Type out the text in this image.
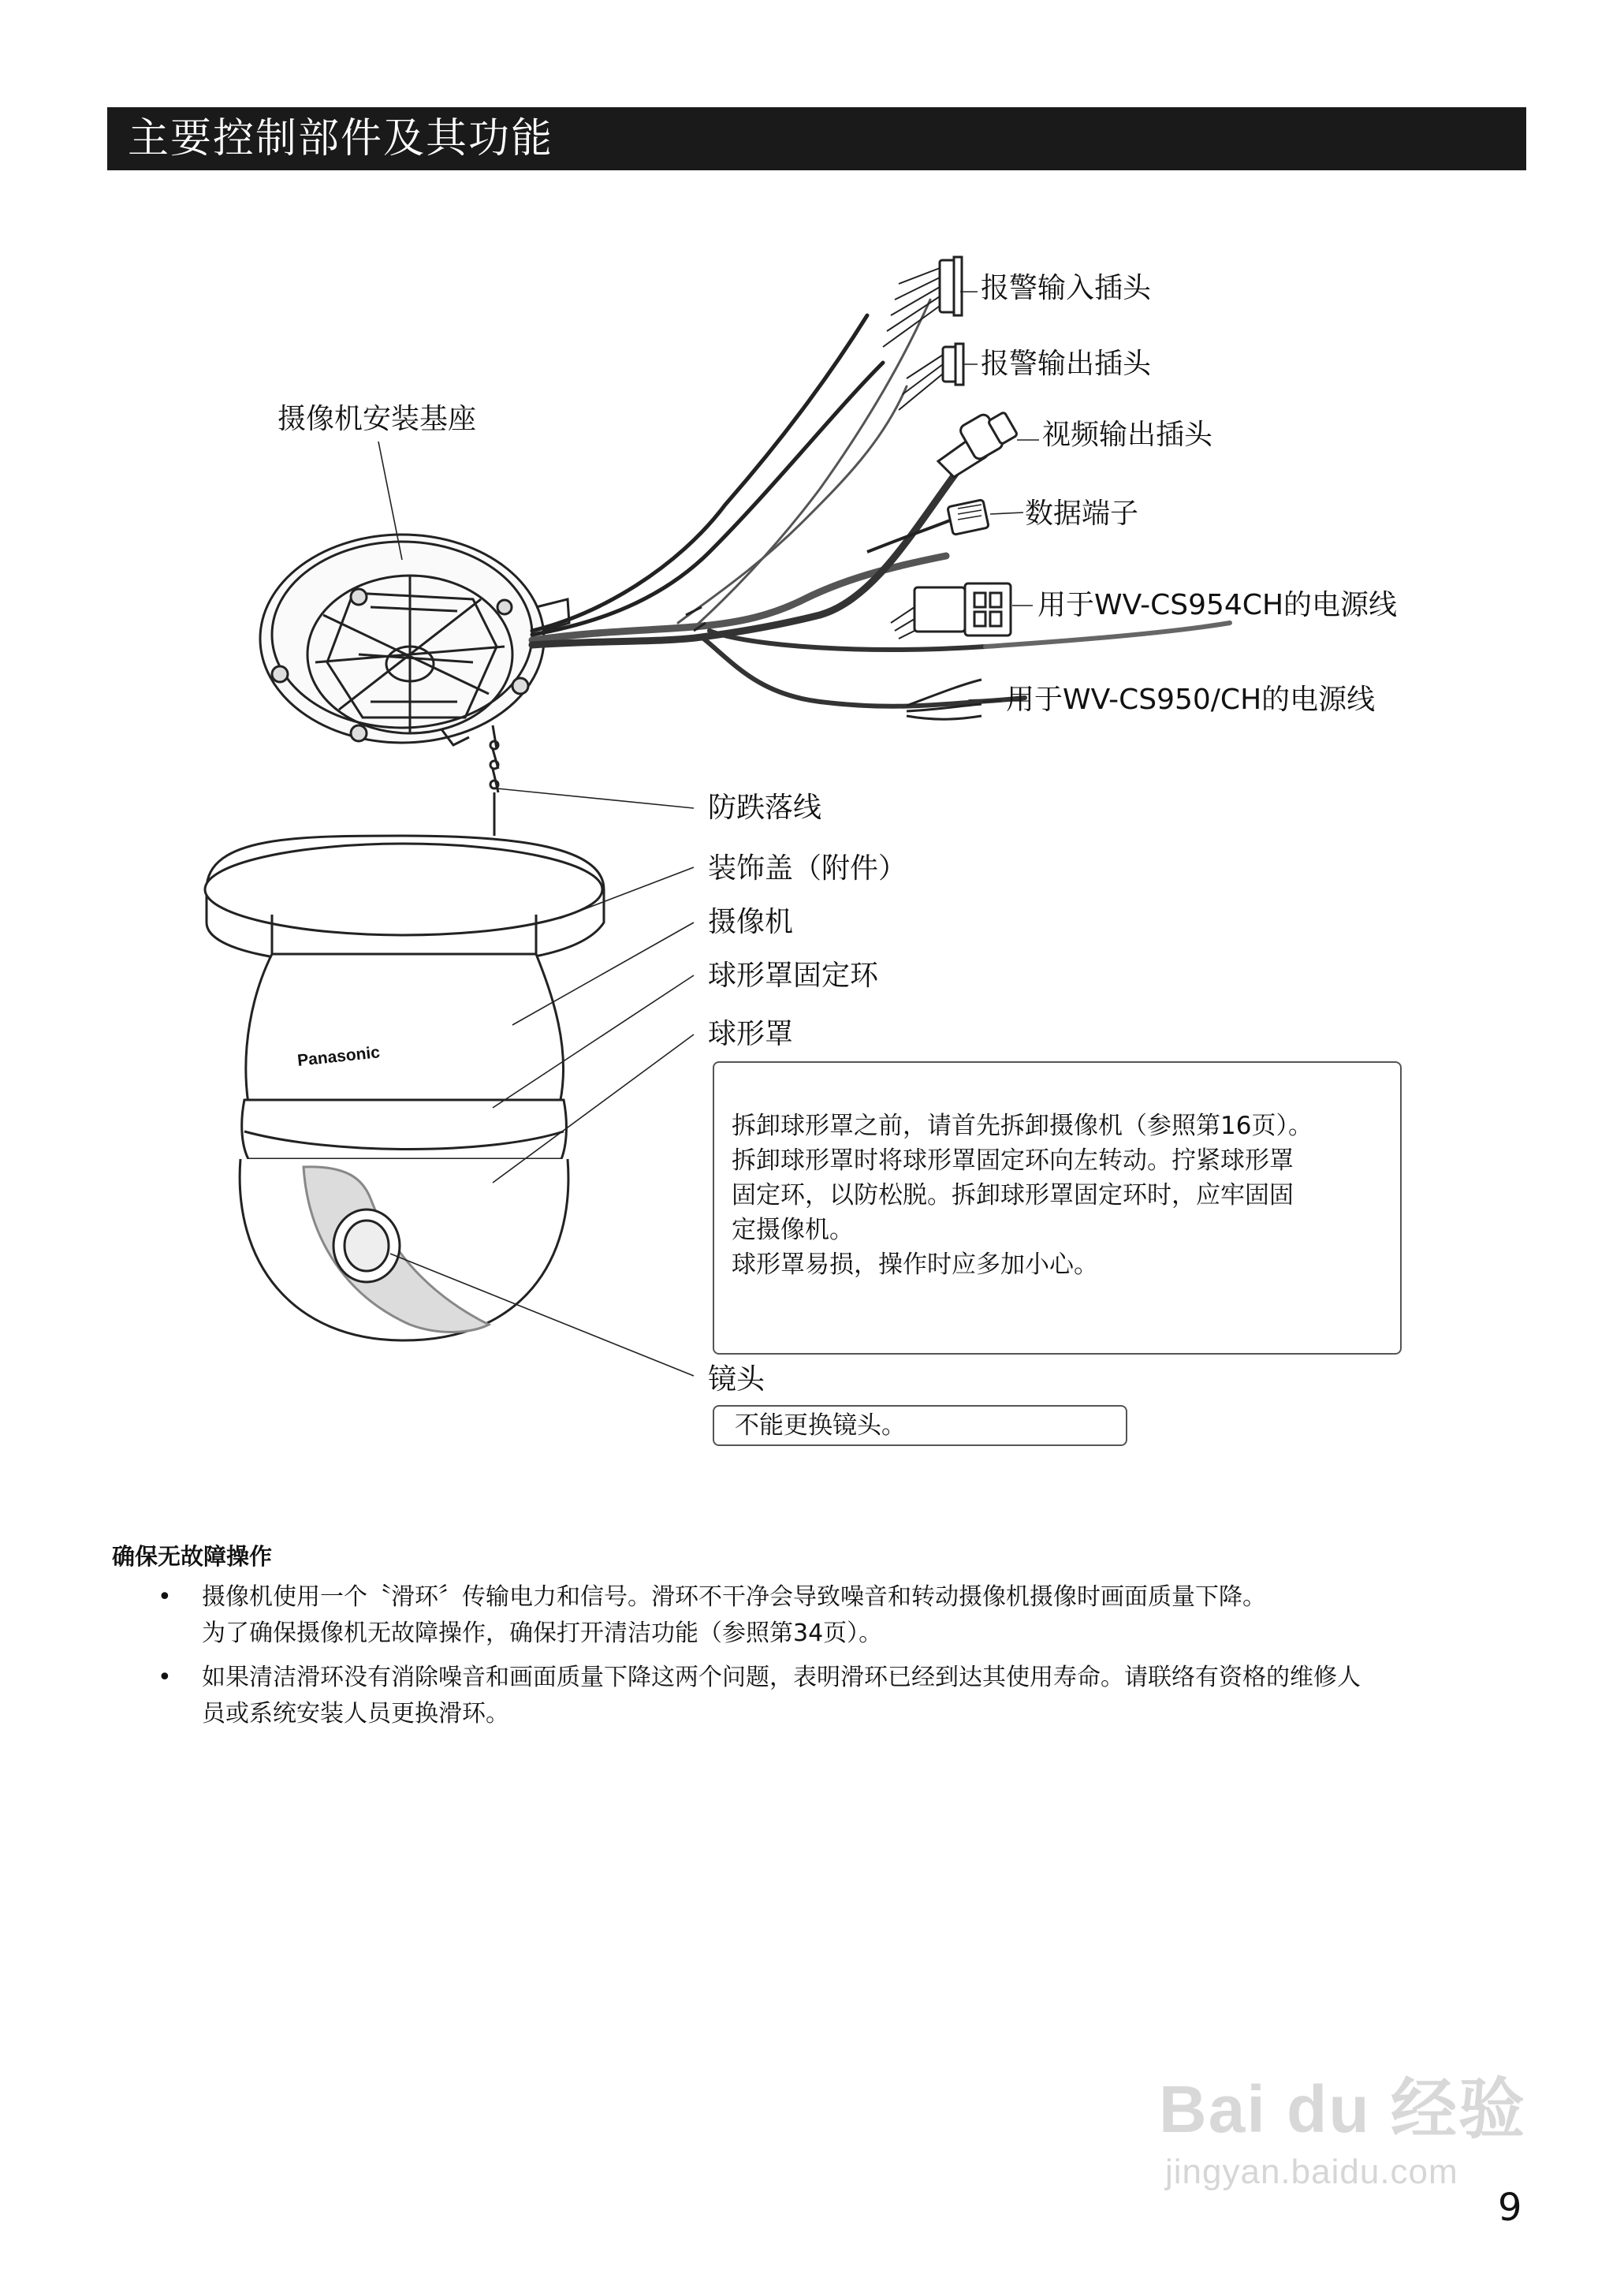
主要控制部件及其功能
Panasonic
摄像机安装基座
报警输入插头
报警输出插头
视频输出插头
数据端子
用于WV-CS954CH的电源线
用于WV-CS950/CH的电源线
防跌落线
装饰盖（附件）
摄像机
球形罩固定环
球形罩
镜头
拆卸球形罩之前，请首先拆卸摄像机（参照第16页）。
拆卸球形罩时将球形罩固定环向左转动。拧紧球形罩
固定环，以防松脱。拆卸球形罩固定环时，应牢固固
定摄像机。
球形罩易损，操作时应多加小心。
不能更换镜头。
确保无故障操作
• 摄像机使用一个〝滑环〞传输电力和信号。滑环不干净会导致噪音和转动摄像机摄像时画面质量下降。
为了确保摄像机无故障操作，确保打开清洁功能（参照第34页）。
• 如果清洁滑环没有消除噪音和画面质量下降这两个问题，表明滑环已经到达其使用寿命。请联络有资格的维修人
员或系统安装人员更换滑环。
Bai du 经验
jingyan.baidu.com
9
